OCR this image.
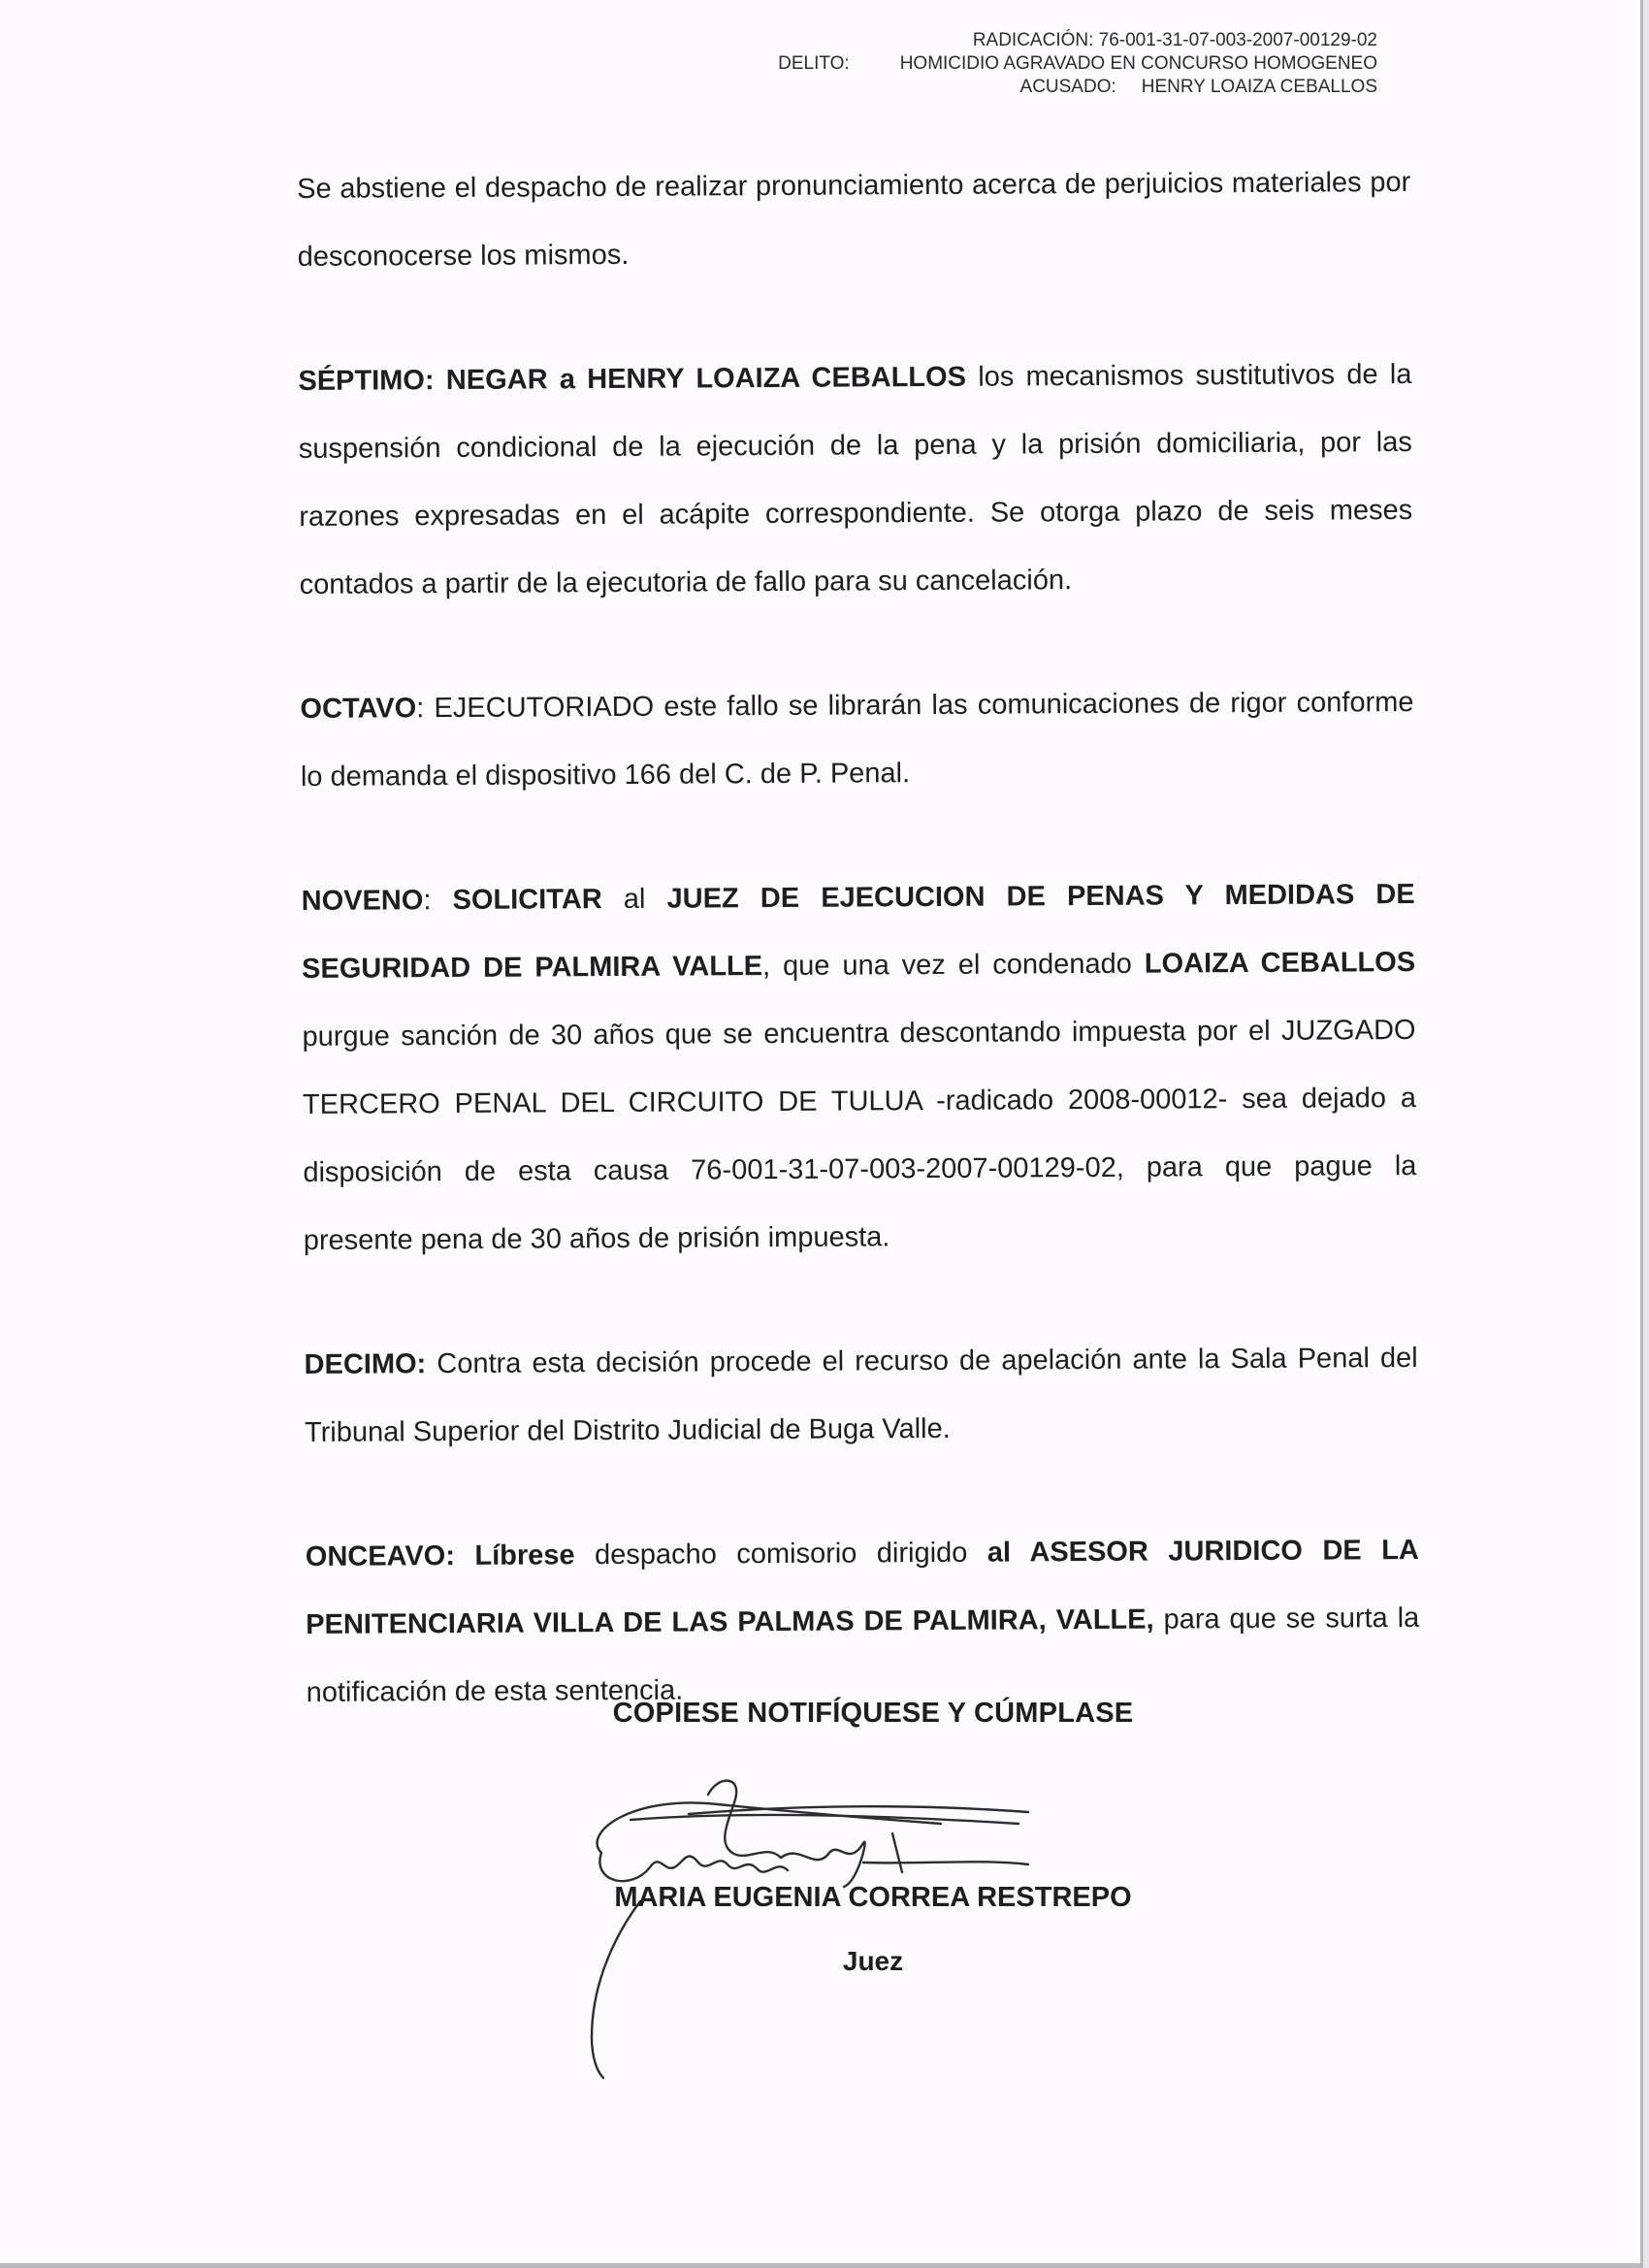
RADICACIÓN: 76-001-31-07-003-2007-00129-02
DELITO:	HOMICIDIO AGRAVADO EN CONCURSO HOMOGENEO
ACUSADO: HENRY LOAIZA CEBALLOS

Se abstiene el despacho de realizar pronunciamiento acerca de perjuicios materiales por desconocerse los mismos.

SÉPTIMO: NEGAR a HENRY LOAIZA CEBALLOS los mecanismos sustitutivos de la suspensión condicional de la ejecución de la pena y la prisión domiciliaria, por las razones expresadas en el acápite correspondiente. Se otorga plazo de seis meses contados a partir de la ejecutoria de fallo para su cancelación.

OCTAVO: EJECUTORIADO este fallo se librarán las comunicaciones de rigor conforme lo demanda el dispositivo 166 del C. de P. Penal.

NOVENO: SOLICITAR al JUEZ DE EJECUCION DE PENAS Y MEDIDAS DE SEGURIDAD DE PALMIRA VALLE, que una vez el condenado LOAIZA CEBALLOS purgue sanción de 30 años que se encuentra descontando impuesta por el JUZGADO TERCERO PENAL DEL CIRCUITO DE TULUA -radicado 2008-00012- sea dejado a disposición de esta causa 76-001-31-07-003-2007-00129-02, para que pague la presente pena de 30 años de prisión impuesta.

DECIMO: Contra esta decisión procede el recurso de apelación ante la Sala Penal del Tribunal Superior del Distrito Judicial de Buga Valle.

ONCEAVO: Líbrese despacho comisorio dirigido al ASESOR JURIDICO DE LA PENITENCIARIA VILLA DE LAS PALMAS DE PALMIRA, VALLE, para que se surta la notificación de esta sentencia.

COPIESE NOTIFÍQUESE Y CÚMPLASE
MARIA EUGENIA CORREA RESTREPO
Juez
